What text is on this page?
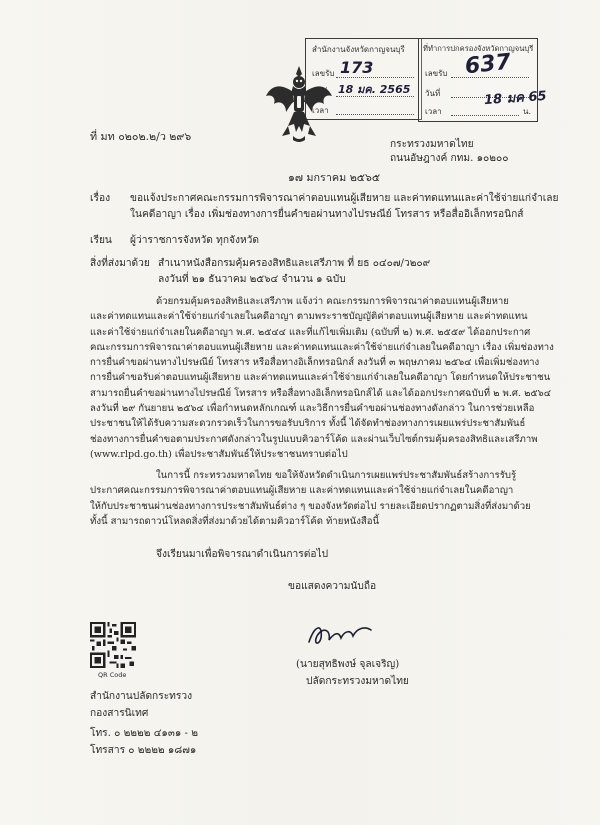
สำนักงานจังหวัดกาญจนบุรี
เลขรับ
เวลา
173
18 มค. 2565
ที่ทำการปกครองจังหวัดกาญจนบุรี
เลขรับ
วันที่
เวลา	น.
637
18 มค 65
ที่ มท ๐๒๐๒.๒/ว ๒๙๖
กระทรวงมหาดไทย
ถนนอัษฎางค์ กทม. ๑๐๒๐๐
๑๗ มกราคม ๒๕๖๕
เรื่อง ขอแจ้งประกาศคณะกรรมการพิจารณาค่าตอบแทนผู้เสียหาย และค่าทดแทนและค่าใช้จ่ายแก่จำเลย
ในคดีอาญา เรื่อง เพิ่มช่องทางการยื่นคำขอผ่านทางไปรษณีย์ โทรสาร หรือสื่ออิเล็กทรอนิกส์
เรียน ผู้ว่าราชการจังหวัด ทุกจังหวัด
สิ่งที่ส่งมาด้วย สำเนาหนังสือกรมคุ้มครองสิทธิและเสรีภาพ ที่ ยธ ๐๔๐๗/ว๒๐๙
ลงวันที่ ๒๑ ธันวาคม ๒๕๖๔ จำนวน ๑ ฉบับ
ด้วยกรมคุ้มครองสิทธิและเสรีภาพ แจ้งว่า คณะกรรมการพิจารณาค่าตอบแทนผู้เสียหาย
และค่าทดแทนและค่าใช้จ่ายแก่จำเลยในคดีอาญา ตามพระราชบัญญัติค่าตอบแทนผู้เสียหาย และค่าทดแทน
และค่าใช้จ่ายแก่จำเลยในคดีอาญา พ.ศ. ๒๕๔๔ และที่แก้ไขเพิ่มเติม (ฉบับที่ ๒) พ.ศ. ๒๕๕๙ ได้ออกประกาศ
คณะกรรมการพิจารณาค่าตอบแทนผู้เสียหาย และค่าทดแทนและค่าใช้จ่ายแก่จำเลยในคดีอาญา เรื่อง เพิ่มช่องทาง
การยื่นคำขอผ่านทางไปรษณีย์ โทรสาร หรือสื่อทางอิเล็กทรอนิกส์ ลงวันที่ ๓ พฤษภาคม ๒๕๖๔ เพื่อเพิ่มช่องทาง
การยื่นคำขอรับค่าตอบแทนผู้เสียหาย และค่าทดแทนและค่าใช้จ่ายแก่จำเลยในคดีอาญา โดยกำหนดให้ประชาชน
สามารถยื่นคำขอผ่านทางไปรษณีย์ โทรสาร หรือสื่อทางอิเล็กทรอนิกส์ได้ และได้ออกประกาศฉบับที่ ๒ พ.ศ. ๒๕๖๔
ลงวันที่ ๒๙ กันยายน ๒๕๖๔ เพื่อกำหนดหลักเกณฑ์ และวิธีการยื่นคำขอผ่านช่องทางดังกล่าว ในการช่วยเหลือ
ประชาชนให้ได้รับความสะดวกรวดเร็วในการขอรับบริการ ทั้งนี้ ได้จัดทำช่องทางการเผยแพร่ประชาสัมพันธ์
ช่องทางการยื่นคำขอตามประกาศดังกล่าวในรูปแบบคิวอาร์โค้ด และผ่านเว็บไซต์กรมคุ้มครองสิทธิและเสรีภาพ
(www.rlpd.go.th) เพื่อประชาสัมพันธ์ให้ประชาชนทราบต่อไป
ในการนี้ กระทรวงมหาดไทย ขอให้จังหวัดดำเนินการเผยแพร่ประชาสัมพันธ์สร้างการรับรู้
ประกาศคณะกรรมการพิจารณาค่าตอบแทนผู้เสียหาย และค่าทดแทนและค่าใช้จ่ายแก่จำเลยในคดีอาญา
ให้กับประชาชนผ่านช่องทางการประชาสัมพันธ์ต่าง ๆ ของจังหวัดต่อไป รายละเอียดปรากฏตามสิ่งที่ส่งมาด้วย
ทั้งนี้ สามารถดาวน์โหลดสิ่งที่ส่งมาด้วยได้ตามคิวอาร์โค้ด ท้ายหนังสือนี้
จึงเรียนมาเพื่อพิจารณาดำเนินการต่อไป
ขอแสดงความนับถือ
(นายสุทธิพงษ์ จุลเจริญ)
ปลัดกระทรวงมหาดไทย
QR Code
สำนักงานปลัดกระทรวง
กองสารนิเทศ
โทร. ๐ ๒๒๒๒ ๔๑๓๑ - ๒
โทรสาร ๐ ๒๒๒๒ ๑๘๗๑
